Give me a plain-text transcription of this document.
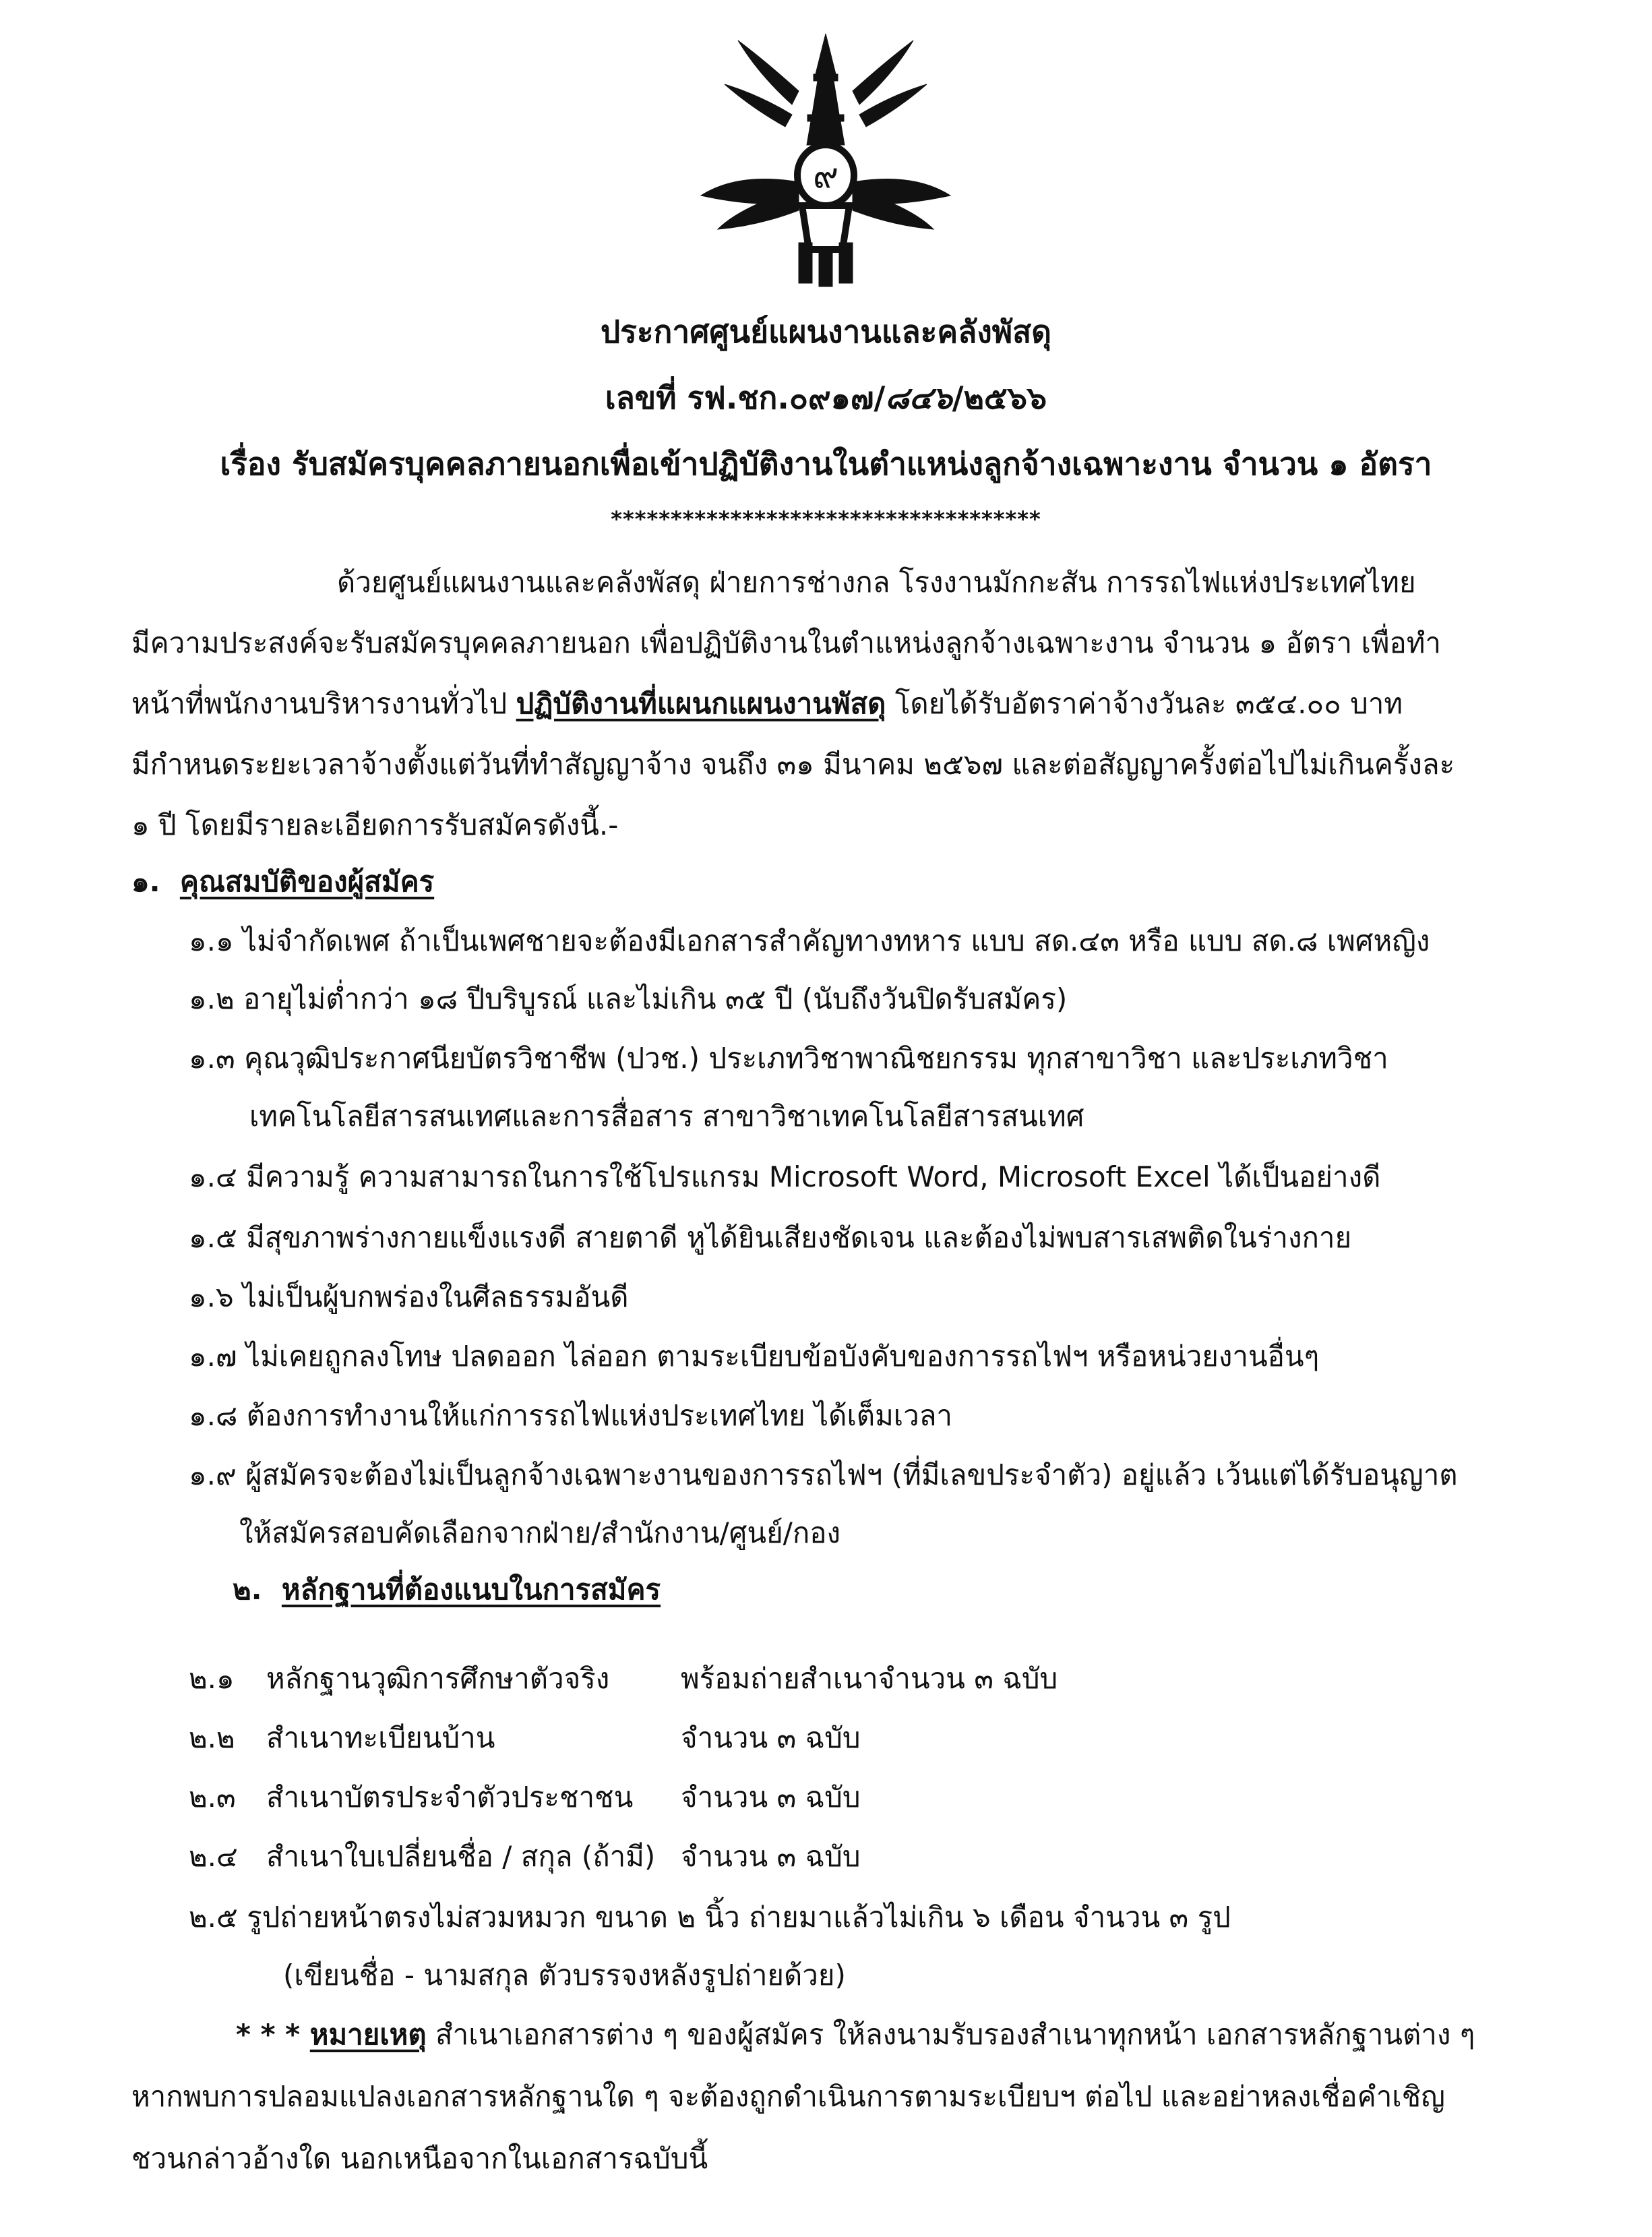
๙
ประกาศศูนย์แผนงานและคลังพัสดุ
เลขที่ รฟ.ชก.๐๙๑๗/๘๔๖/๒๕๖๖
เรื่อง รับสมัครบุคคลภายนอกเพื่อเข้าปฏิบัติงานในตำแหน่งลูกจ้างเฉพาะงาน จำนวน ๑ อัตรา
************************************
ด้วยศูนย์แผนงานและคลังพัสดุ ฝ่ายการช่างกล โรงงานมักกะสัน การรถไฟแห่งประเทศไทย
มีความประสงค์จะรับสมัครบุคคลภายนอก เพื่อปฏิบัติงานในตำแหน่งลูกจ้างเฉพาะงาน จำนวน ๑ อัตรา เพื่อทำ
หน้าที่พนักงานบริหารงานทั่วไป ปฏิบัติงานที่แผนกแผนงานพัสดุ โดยได้รับอัตราค่าจ้างวันละ ๓๕๔.๐๐ บาท
มีกำหนดระยะเวลาจ้างตั้งแต่วันที่ทำสัญญาจ้าง จนถึง ๓๑ มีนาคม ๒๕๖๗ และต่อสัญญาครั้งต่อไปไม่เกินครั้งละ
๑ ปี โดยมีรายละเอียดการรับสมัครดังนี้.-
๑. คุณสมบัติของผู้สมัคร
๑.๑ ไม่จำกัดเพศ ถ้าเป็นเพศชายจะต้องมีเอกสารสำคัญทางทหาร แบบ สด.๔๓ หรือ แบบ สด.๘ เพศหญิง
๑.๒ อายุไม่ต่ำกว่า ๑๘ ปีบริบูรณ์ และไม่เกิน ๓๕ ปี (นับถึงวันปิดรับสมัคร)
๑.๓ คุณวุฒิประกาศนียบัตรวิชาชีพ (ปวช.) ประเภทวิชาพาณิชยกรรม ทุกสาขาวิชา และประเภทวิชา
เทคโนโลยีสารสนเทศและการสื่อสาร สาขาวิชาเทคโนโลยีสารสนเทศ
๑.๔ มีความรู้ ความสามารถในการใช้โปรแกรม Microsoft Word, Microsoft Excel ได้เป็นอย่างดี
๑.๕ มีสุขภาพร่างกายแข็งแรงดี สายตาดี หูได้ยินเสียงชัดเจน และต้องไม่พบสารเสพติดในร่างกาย
๑.๖ ไม่เป็นผู้บกพร่องในศีลธรรมอันดี
๑.๗ ไม่เคยถูกลงโทษ ปลดออก ไล่ออก ตามระเบียบข้อบังคับของการรถไฟฯ หรือหน่วยงานอื่นๆ
๑.๘ ต้องการทำงานให้แก่การรถไฟแห่งประเทศไทย ได้เต็มเวลา
๑.๙ ผู้สมัครจะต้องไม่เป็นลูกจ้างเฉพาะงานของการรถไฟฯ (ที่มีเลขประจำตัว) อยู่แล้ว เว้นแต่ได้รับอนุญาต
ให้สมัครสอบคัดเลือกจากฝ่าย/สำนักงาน/ศูนย์/กอง
๒. หลักฐานที่ต้องแนบในการสมัคร
๒.๑ หลักฐานวุฒิการศึกษาตัวจริง	พร้อมถ่ายสำเนาจำนวน ๓ ฉบับ
๒.๒ สำเนาทะเบียนบ้าน	จำนวน ๓ ฉบับ
๒.๓ สำเนาบัตรประจำตัวประชาชน จำนวน ๓ ฉบับ
๒.๔ สำเนาใบเปลี่ยนชื่อ / สกุล (ถ้ามี) จำนวน ๓ ฉบับ
๒.๕ รูปถ่ายหน้าตรงไม่สวมหมวก ขนาด ๒ นิ้ว ถ่ายมาแล้วไม่เกิน ๖ เดือน จำนวน ๓ รูป
(เขียนชื่อ - นามสกุล ตัวบรรจงหลังรูปถ่ายด้วย)
* * * หมายเหตุ สำเนาเอกสารต่าง ๆ ของผู้สมัคร ให้ลงนามรับรองสำเนาทุกหน้า เอกสารหลักฐานต่าง ๆ
หากพบการปลอมแปลงเอกสารหลักฐานใด ๆ จะต้องถูกดำเนินการตามระเบียบฯ ต่อไป และอย่าหลงเชื่อคำเชิญ
ชวนกล่าวอ้างใด นอกเหนือจากในเอกสารฉบับนี้
